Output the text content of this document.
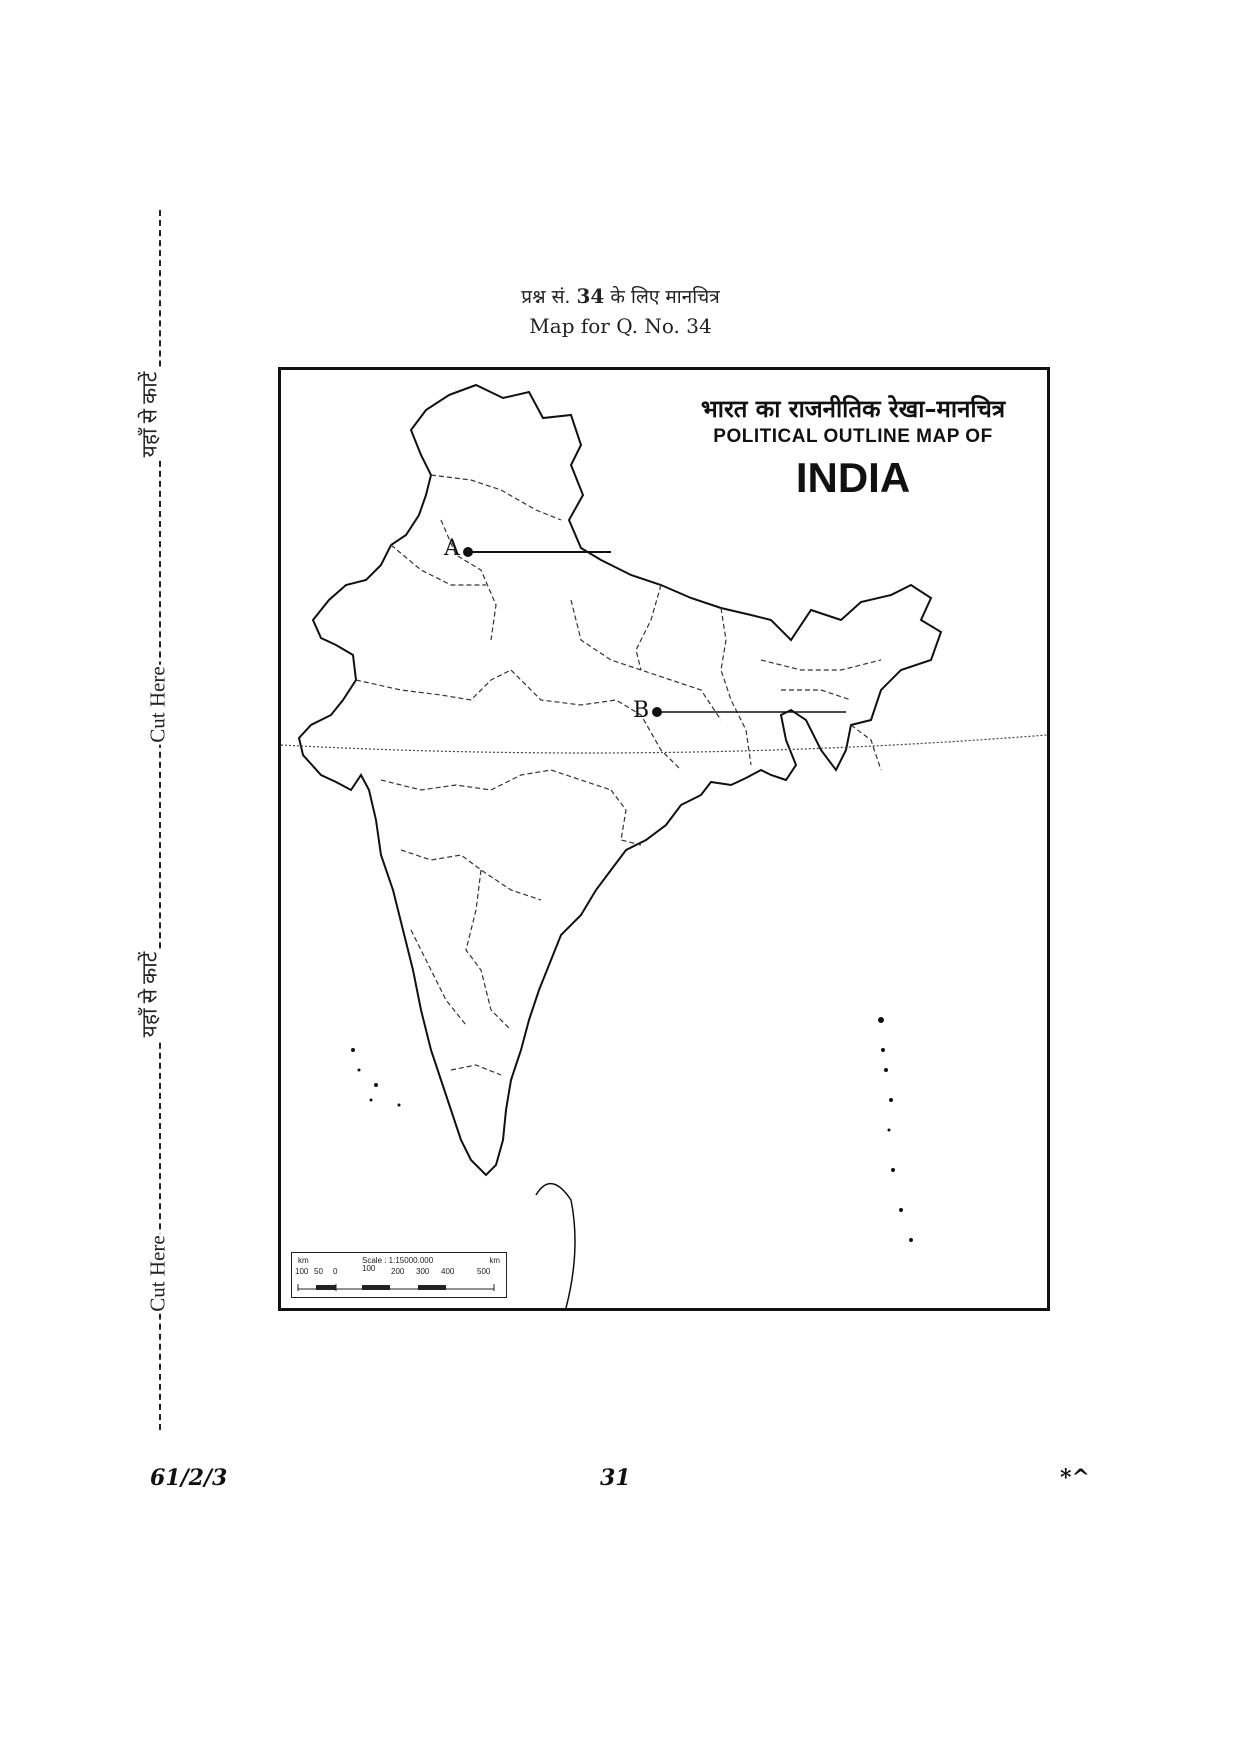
Cut Here
यहाँ से काटें
Cut Here
यहाँ से काटें
प्रश्न सं. 34 के लिए मानचित्र
Map for Q. No. 34
भारत का राजनीतिक रेखा–मानचित्र
POLITICAL OUTLINE MAP OF
INDIA
A
B
km	Scale : 1:15000.000	km
100 50 0	100 200 300 400	500
61/2/3	31	*^
